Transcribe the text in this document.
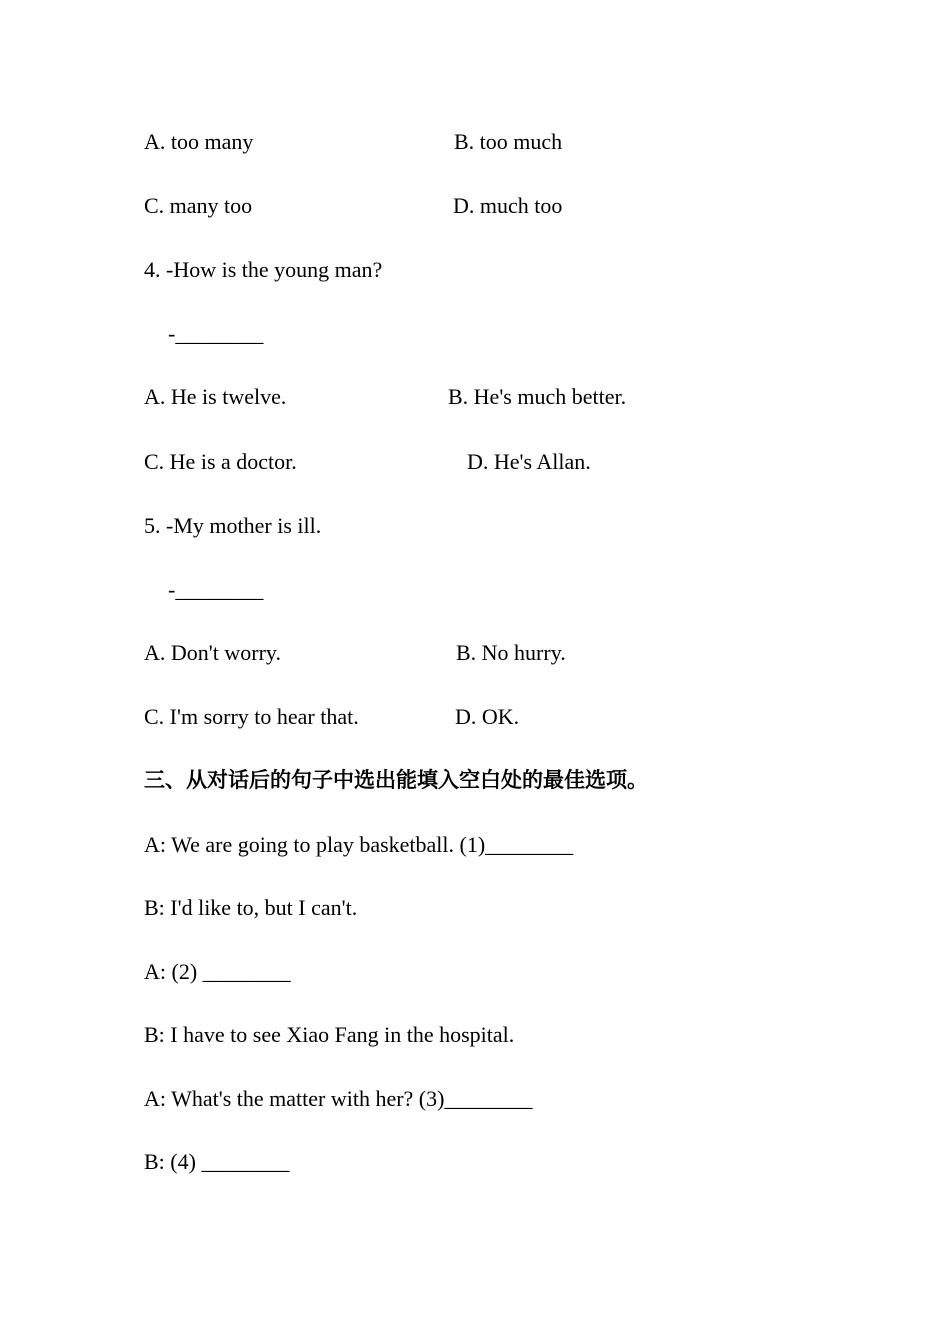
A. too many	B. too much
C. many too	D. much too
4. -How is the young man?
-________
A. He is twelve.	B. He's much better.
C. He is a doctor.	D. He's Allan.
5. -My mother is ill.
-________
A. Don't worry.	B. No hurry.
C. I'm sorry to hear that.	D. OK.
三、从对话后的句子中选出能填入空白处的最佳选项。
A: We are going to play basketball. (1)________
B: I'd like to, but I can't.
A: (2) ________
B: I have to see Xiao Fang in the hospital.
A: What's the matter with her? (3)________
B: (4) ________
